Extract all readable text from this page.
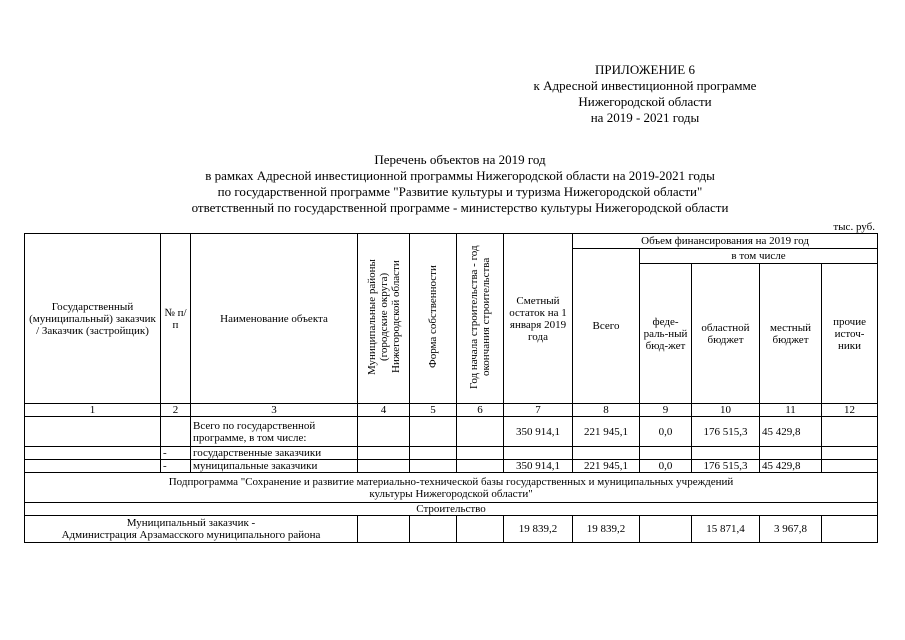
ПРИЛОЖЕНИЕ 6
к Адресной инвестиционной программе
Нижегородской области
на 2019 - 2021 годы
Перечень объектов на 2019 год
в рамках Адресной инвестиционной программы Нижегородской области на 2019-2021 годы
по государственной программе "Развитие культуры и туризма Нижегородской области"
ответственный по государственной программе - министерство культуры Нижегородской области
тыс. руб.
Государственный (муниципальный) заказчик / Заказчик (застройщик)	№ п/п	Наименование объекта	Муниципальные районы (городские округа) Нижегородской области	Форма собственности	Год начала строительства - год окончания строительства	Сметный остаток на 1 января 2019 года	Объем финансирования на 2019 год				
							Всего	в том числе			
								феде-раль-ный бюд-жет	областной бюджет	местный бюджет	прочие источ-ники
1	2	3	4	5	6	7	8	9	10	11	12
		Всего по государственной программе, в том числе:				350 914,1	221 945,1	0,0	176 515,3	45 429,8	
	-	государственные заказчики									
	-	муниципальные заказчики				350 914,1	221 945,1	0,0	176 515,3	45 429,8	
Подпрограмма "Сохранение и развитие материально-технической базы государственных и муниципальных учреждений культуры Нижегородской области"											
Строительство											

Муниципальный заказчик -
Администрация Арзамасского муниципального района						19 839,2	19 839,2		15 871,4	3 967,8	
